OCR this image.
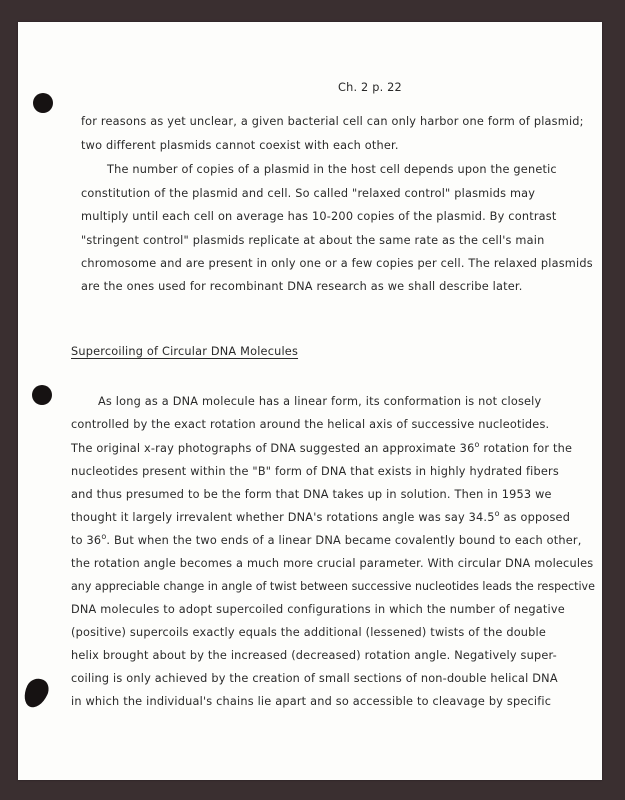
Ch. 2 p. 22
for reasons as yet unclear, a given bacterial cell can only harbor one form of plasmid;
two different plasmids cannot coexist with each other.
The number of copies of a plasmid in the host cell depends upon the genetic
constitution of the plasmid and cell. So called "relaxed control" plasmids may
multiply until each cell on average has 10-200 copies of the plasmid. By contrast
"stringent control" plasmids replicate at about the same rate as the cell's main
chromosome and are present in only one or a few copies per cell. The relaxed plasmids
are the ones used for recombinant DNA research as we shall describe later.
Supercoiling of Circular DNA Molecules
As long as a DNA molecule has a linear form, its conformation is not closely
controlled by the exact rotation around the helical axis of successive nucleotides.
The original x-ray photographs of DNA suggested an approximate 36$^o$ rotation for the
nucleotides present within the "B" form of DNA that exists in highly hydrated fibers
and thus presumed to be the form that DNA takes up in solution. Then in 1953 we
thought it largely irrevalent whether DNA's rotations angle was say 34.5$^o$ as opposed
to 36$^o$. But when the two ends of a linear DNA became covalently bound to each other,
the rotation angle becomes a much more crucial parameter. With circular DNA molecules
any appreciable change in angle of twist between successive nucleotides leads the respective
DNA molecules to adopt supercoiled configurations in which the number of negative
(positive) supercoils exactly equals the additional (lessened) twists of the double
helix brought about by the increased (decreased) rotation angle. Negatively super-
coiling is only achieved by the creation of small sections of non-double helical DNA
in which the individual's chains lie apart and so accessible to cleavage by specific
